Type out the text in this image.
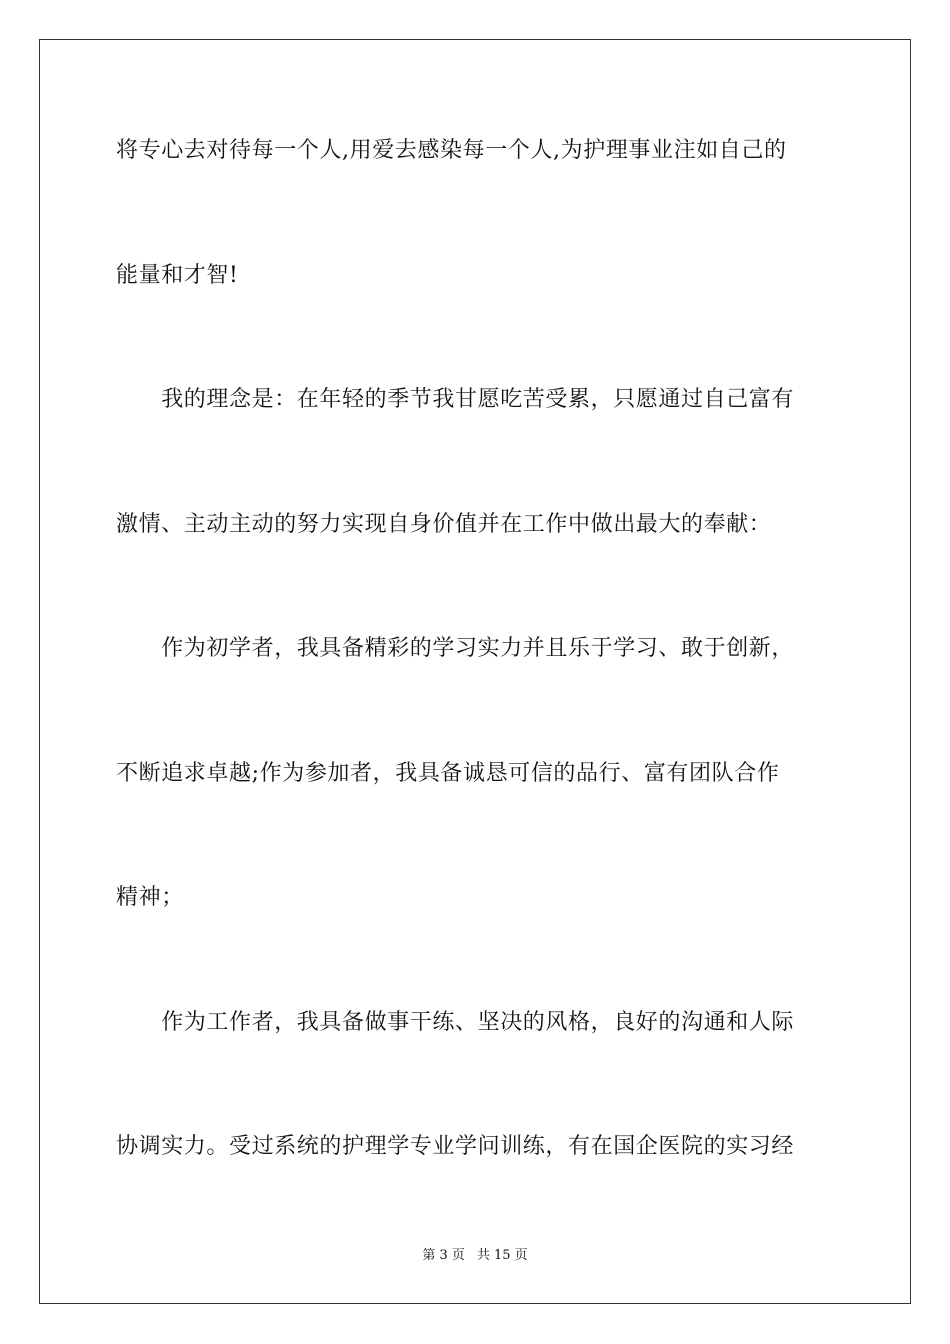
将专心去对待每一个人,用爱去感染每一个人,为护理事业注如自己的
能量和才智!
　　我的理念是：在年轻的季节我甘愿吃苦受累，只愿通过自己富有
激情、主动主动的努力实现自身价值并在工作中做出最大的奉献：
　　作为初学者，我具备精彩的学习实力并且乐于学习、敢于创新，
不断追求卓越;作为参加者，我具备诚恳可信的品行、富有团队合作
精神；
　　作为工作者，我具备做事干练、坚决的风格，良好的沟通和人际
协调实力。受过系统的护理学专业学问训练，有在国企医院的实习经
第 3 页 共 15 页
